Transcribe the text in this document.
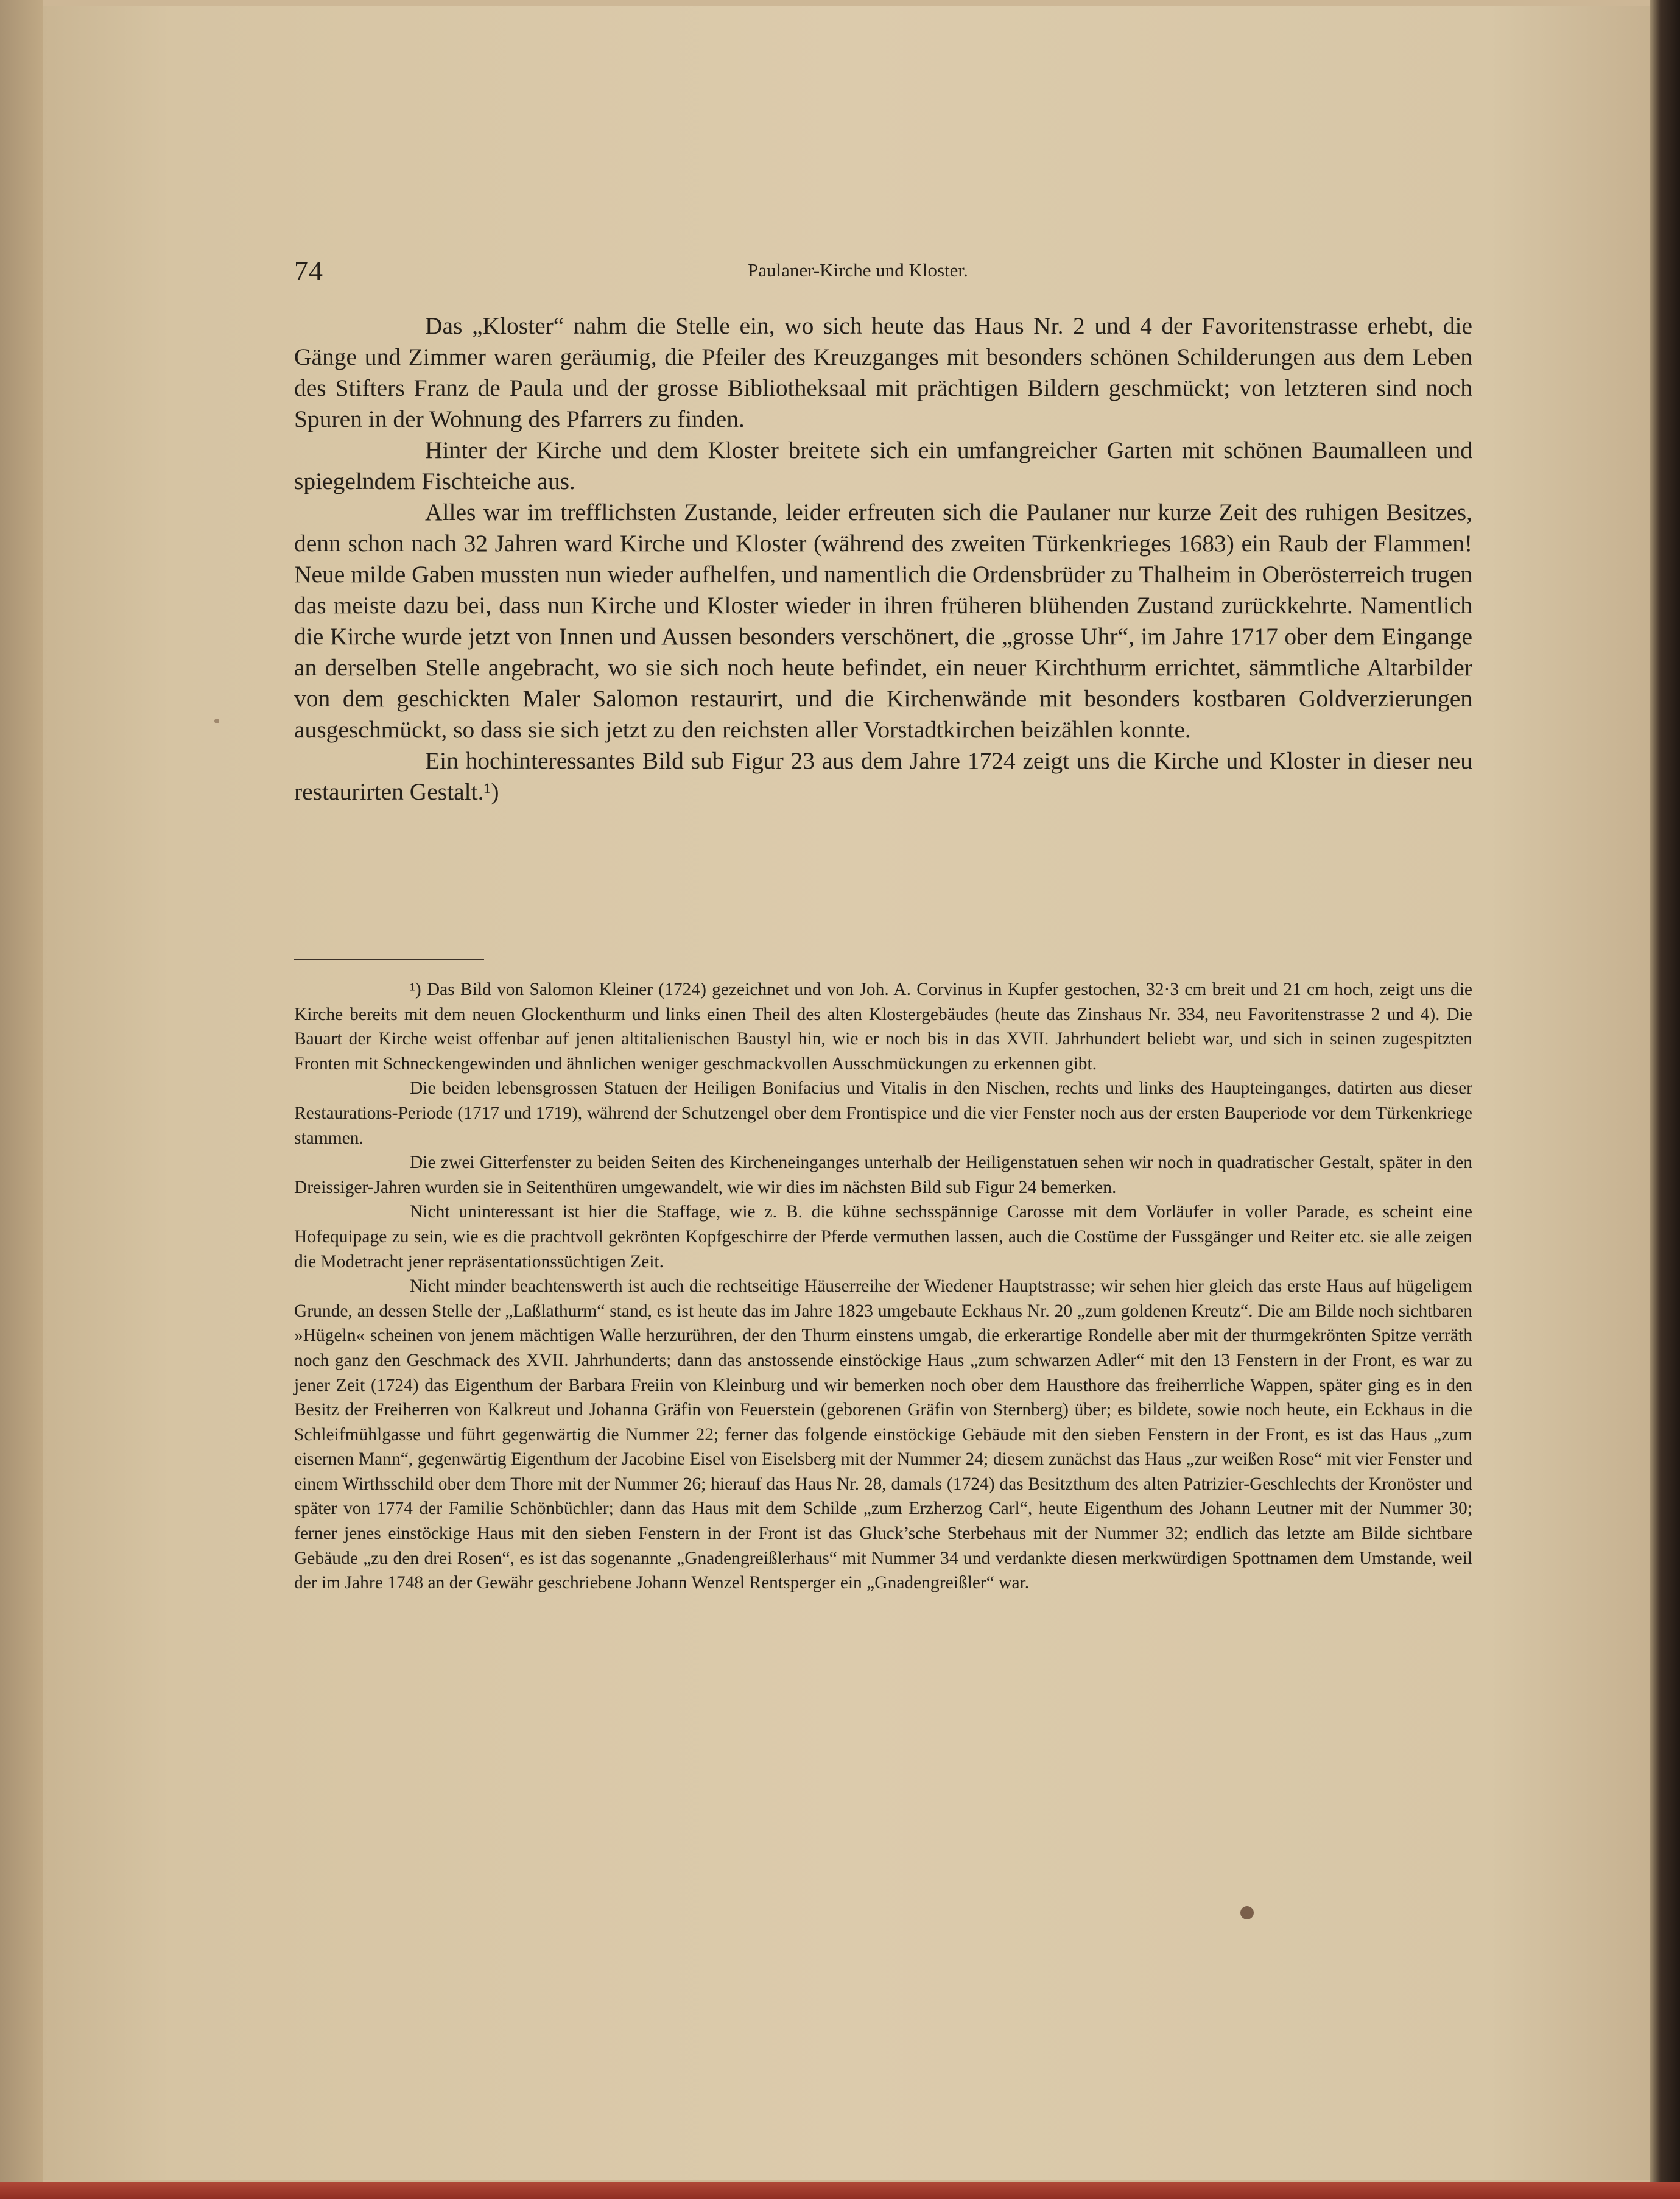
74	Paulaner-Kirche und Kloster.

Das „Kloster“ nahm die Stelle ein, wo sich heute das Haus Nr. 2 und 4 der Favoritenstrasse erhebt, die Gänge und Zimmer waren geräumig, die Pfeiler des Kreuzganges mit besonders schönen Schilderungen aus dem Leben des Stifters Franz de Paula und der grosse Bibliotheksaal mit prächtigen Bildern geschmückt; von letzteren sind noch Spuren in der Wohnung des Pfarrers zu finden.

Hinter der Kirche und dem Kloster breitete sich ein umfangreicher Garten mit schönen Baumalleen und spiegelndem Fischteiche aus.

Alles war im trefflichsten Zustande, leider erfreuten sich die Paulaner nur kurze Zeit des ruhigen Besitzes, denn schon nach 32 Jahren ward Kirche und Kloster (während des zweiten Türkenkrieges 1683) ein Raub der Flammen! Neue milde Gaben mussten nun wieder aufhelfen, und namentlich die Ordensbrüder zu Thalheim in Oberösterreich trugen das meiste dazu bei, dass nun Kirche und Kloster wieder in ihren früheren blühenden Zustand zurückkehrte. Namentlich die Kirche wurde jetzt von Innen und Aussen besonders verschönert, die „grosse Uhr“, im Jahre 1717 ober dem Eingange an derselben Stelle angebracht, wo sie sich noch heute befindet, ein neuer Kirchthurm errichtet, sämmtliche Altarbilder von dem geschickten Maler Salomon restaurirt, und die Kirchenwände mit besonders kostbaren Goldverzierungen ausgeschmückt, so dass sie sich jetzt zu den reichsten aller Vorstadtkirchen beizählen konnte.

Ein hochinteressantes Bild sub Figur 23 aus dem Jahre 1724 zeigt uns die Kirche und Kloster in dieser neu restaurirten Gestalt.¹)

¹) Das Bild von Salomon Kleiner (1724) gezeichnet und von Joh. A. Corvinus in Kupfer gestochen, 32·3 cm breit und 21 cm hoch, zeigt uns die Kirche bereits mit dem neuen Glockenthurm und links einen Theil des alten Klostergebäudes (heute das Zinshaus Nr. 334, neu Favoritenstrasse 2 und 4). Die Bauart der Kirche weist offenbar auf jenen altitalienischen Baustyl hin, wie er noch bis in das XVII. Jahrhundert beliebt war, und sich in seinen zugespitzten Fronten mit Schneckengewinden und ähnlichen weniger geschmackvollen Ausschmückungen zu erkennen gibt.

Die beiden lebensgrossen Statuen der Heiligen Bonifacius und Vitalis in den Nischen, rechts und links des Haupteinganges, datirten aus dieser Restaurations-Periode (1717 und 1719), während der Schutzengel ober dem Frontispice und die vier Fenster noch aus der ersten Bauperiode vor dem Türkenkriege stammen.

Die zwei Gitterfenster zu beiden Seiten des Kircheneinganges unterhalb der Heiligenstatuen sehen wir noch in quadratischer Gestalt, später in den Dreissiger-Jahren wurden sie in Seitenthüren umgewandelt, wie wir dies im nächsten Bild sub Figur 24 bemerken.

Nicht uninteressant ist hier die Staffage, wie z. B. die kühne sechsspännige Carosse mit dem Vorläufer in voller Parade, es scheint eine Hofequipage zu sein, wie es die prachtvoll gekrönten Kopfgeschirre der Pferde vermuthen lassen, auch die Costüme der Fussgänger und Reiter etc. sie alle zeigen die Modetracht jener repräsentationssüchtigen Zeit.

Nicht minder beachtenswerth ist auch die rechtseitige Häuserreihe der Wiedener Hauptstrasse; wir sehen hier gleich das erste Haus auf hügeligem Grunde, an dessen Stelle der „Laßlathurm“ stand, es ist heute das im Jahre 1823 umgebaute Eckhaus Nr. 20 „zum goldenen Kreutz“. Die am Bilde noch sichtbaren »Hügeln« scheinen von jenem mächtigen Walle herzurühren, der den Thurm einstens umgab, die erkerartige Rondelle aber mit der thurmgekrönten Spitze verräth noch ganz den Geschmack des XVII. Jahrhunderts; dann das anstossende einstöckige Haus „zum schwarzen Adler“ mit den 13 Fenstern in der Front, es war zu jener Zeit (1724) das Eigenthum der Barbara Freiin von Kleinburg und wir bemerken noch ober dem Hausthore das freiherrliche Wappen, später ging es in den Besitz der Freiherren von Kalkreut und Johanna Gräfin von Feuerstein (geborenen Gräfin von Sternberg) über; es bildete, sowie noch heute, ein Eckhaus in die Schleifmühlgasse und führt gegenwärtig die Nummer 22; ferner das folgende einstöckige Gebäude mit den sieben Fenstern in der Front, es ist das Haus „zum eisernen Mann“, gegenwärtig Eigenthum der Jacobine Eisel von Eiselsberg mit der Nummer 24; diesem zunächst das Haus „zur weißen Rose“ mit vier Fenster und einem Wirthsschild ober dem Thore mit der Nummer 26; hierauf das Haus Nr. 28, damals (1724) das Besitzthum des alten Patrizier-Geschlechts der Kronöster und später von 1774 der Familie Schönbüchler; dann das Haus mit dem Schilde „zum Erzherzog Carl“, heute Eigenthum des Johann Leutner mit der Nummer 30; ferner jenes einstöckige Haus mit den sieben Fenstern in der Front ist das Gluck’sche Sterbehaus mit der Nummer 32; endlich das letzte am Bilde sichtbare Gebäude „zu den drei Rosen“, es ist das sogenannte „Gnadengreißlerhaus“ mit Nummer 34 und verdankte diesen merkwürdigen Spottnamen dem Umstande, weil der im Jahre 1748 an der Gewähr geschriebene Johann Wenzel Rentsperger ein „Gnadengreißler“ war.
